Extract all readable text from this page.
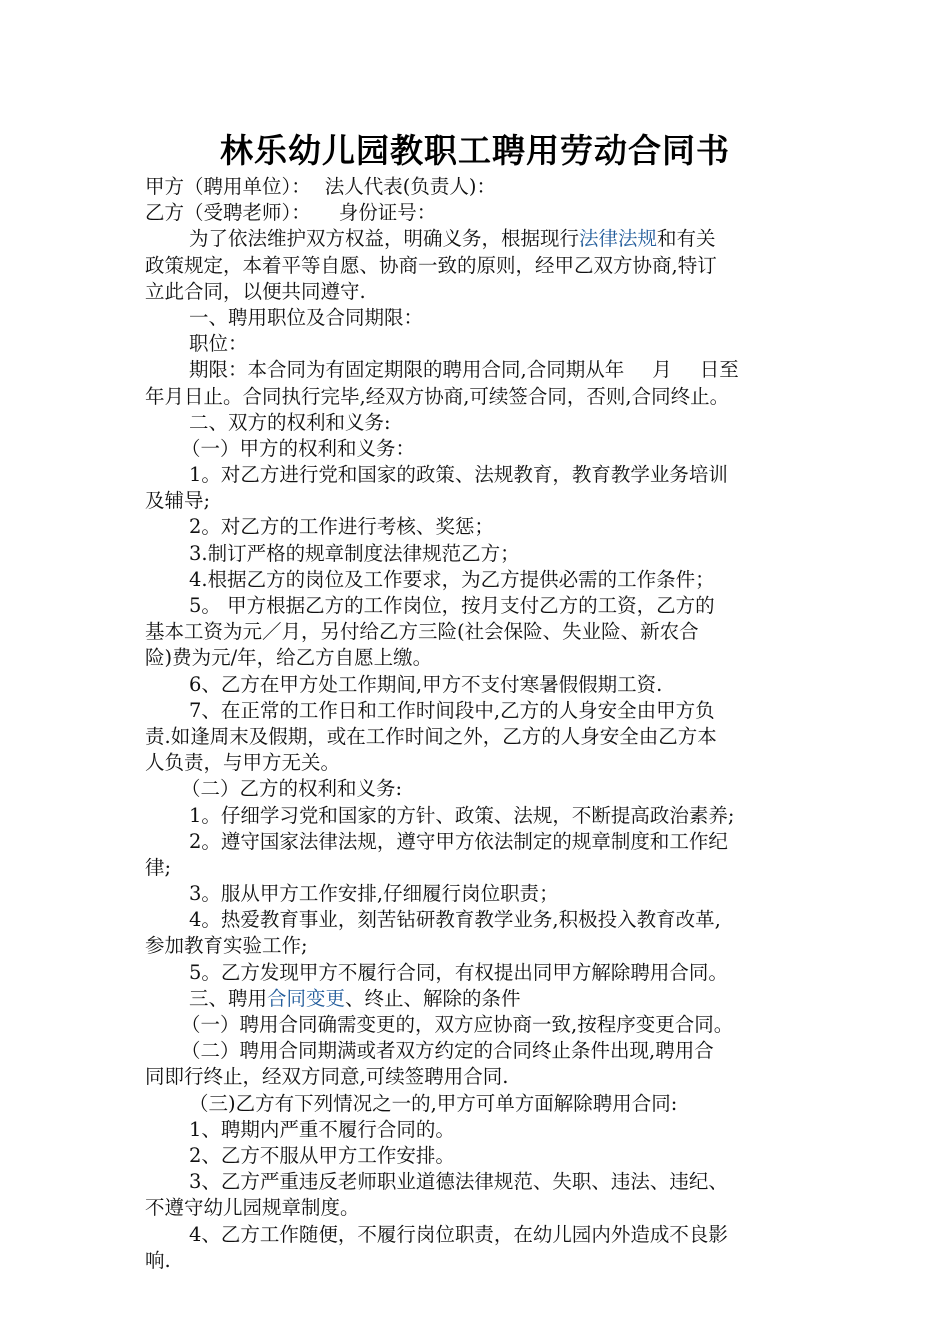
林乐幼儿园教职工聘用劳动合同书
甲方（聘用单位）： 法人代表(负责人)：
乙方（受聘老师）： 身份证号：
为了依法维护双方权益，明确义务，根据现行法律法规和有关
政策规定，本着平等自愿、协商一致的原则，经甲乙双方协商,特订
立此合同，以便共同遵守.
一、聘用职位及合同期限：
职位：
期限：本合同为有固定期限的聘用合同,合同期从年 月 日至
年月日止。合同执行完毕,经双方协商,可续签合同，否则,合同终止。
二、双方的权利和义务:
（一）甲方的权利和义务：
1。对乙方进行党和国家的政策、法规教育，教育教学业务培训
及辅导;
2。对乙方的工作进行考核、奖惩；
3.制订严格的规章制度法律规范乙方；
4.根据乙方的岗位及工作要求，为乙方提供必需的工作条件；
5。 甲方根据乙方的工作岗位，按月支付乙方的工资，乙方的
基本工资为元／月，另付给乙方三险(社会保险、失业险、新农合
险)费为元/年，给乙方自愿上缴。
6、乙方在甲方处工作期间,甲方不支付寒暑假假期工资.
7、在正常的工作日和工作时间段中,乙方的人身安全由甲方负
责.如逢周末及假期，或在工作时间之外，乙方的人身安全由乙方本
人负责，与甲方无关。
（二）乙方的权利和义务:
1。仔细学习党和国家的方针、政策、法规，不断提高政治素养;
2。遵守国家法律法规，遵守甲方依法制定的规章制度和工作纪
律;
3。服从甲方工作安排,仔细履行岗位职责；
4。热爱教育事业，刻苦钻研教育教学业务,积极投入教育改革,
参加教育实验工作;
5。乙方发现甲方不履行合同，有权提出同甲方解除聘用合同。
三、聘用合同变更、终止、解除的条件
（一）聘用合同确需变更的，双方应协商一致,按程序变更合同。
（二）聘用合同期满或者双方约定的合同终止条件出现,聘用合
同即行终止，经双方同意,可续签聘用合同.
（三)乙方有下列情况之一的,甲方可单方面解除聘用合同:
1、聘期内严重不履行合同的。
2、乙方不服从甲方工作安排。
3、乙方严重违反老师职业道德法律规范、失职、违法、违纪、
不遵守幼儿园规章制度。
4、乙方工作随便，不履行岗位职责，在幼儿园内外造成不良影
响.
